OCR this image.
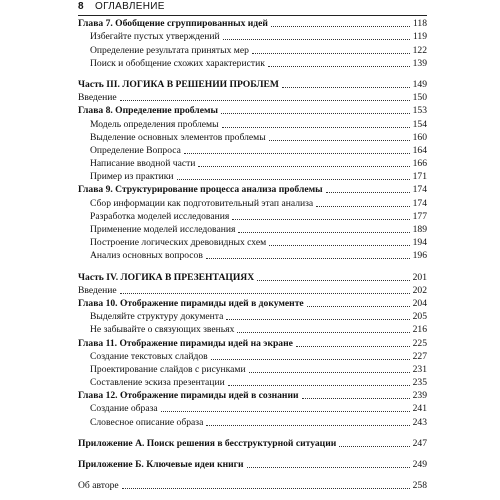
8 ОГЛАВЛЕНИЕ
Глава 7. Обобщение сгруппированных идей	118
Избегайте пустых утверждений	119
Определение результата принятых мер	122
Поиск и обобщение схожих характеристик	139
Часть III. ЛОГИКА В РЕШЕНИИ ПРОБЛЕМ	149
Введение	150
Глава 8. Определение проблемы	153
Модель определения проблемы	154
Выделение основных элементов проблемы	160
Определение Вопроса	164
Написание вводной части	166
Пример из практики	171
Глава 9. Структурирование процесса анализа проблемы	174
Сбор информации как подготовительный этап анализа	174
Разработка моделей исследования	177
Применение моделей исследования	189
Построение логических древовидных схем	194
Анализ основных вопросов	196
Часть IV. ЛОГИКА В ПРЕЗЕНТАЦИЯХ	201
Введение	202
Глава 10. Отображение пирамиды идей в документе	204
Выделяйте структуру документа	205
Не забывайте о связующих звеньях	216
Глава 11. Отображение пирамиды идей на экране	225
Создание текстовых слайдов	227
Проектирование слайдов с рисунками	231
Составление эскиза презентации	235
Глава 12. Отображение пирамиды идей в сознании	239
Создание образа	241
Словесное описание образа	243
Приложение А. Поиск решения в бесструктурной ситуации	247
Приложение Б. Ключевые идеи книги	249
Об авторе	258
